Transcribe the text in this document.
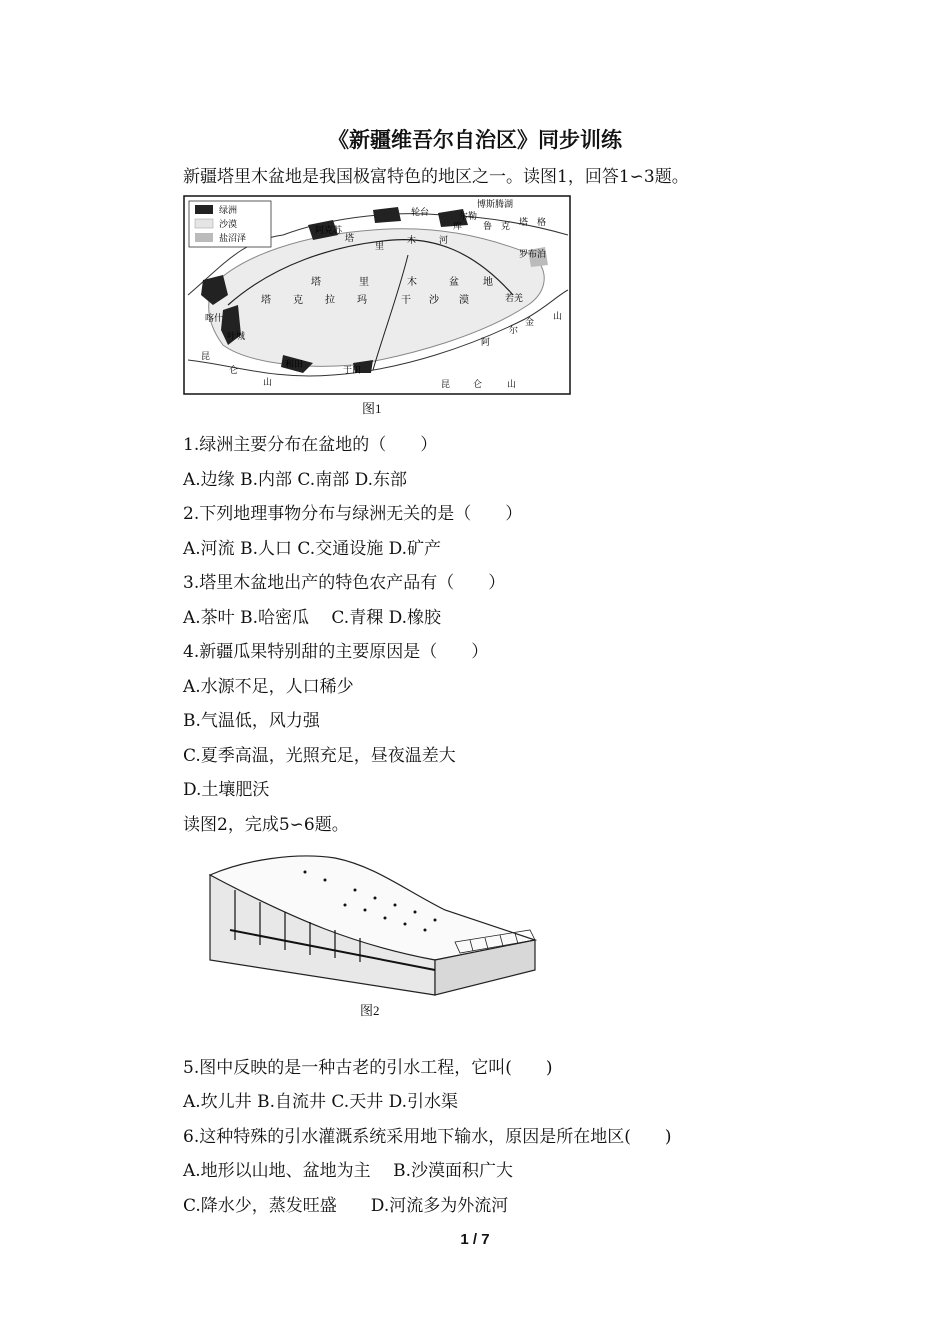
《新疆维吾尔自治区》同步训练
新疆塔里木盆地是我国极富特色的地区之一。读图1，回答1∽3题。
绿洲
沙漠
盐沼泽
轮台
博斯腾湖
阿克苏
尔勒
库 鲁 克 塔 格
罗布泊
塔
里
木	河
塔	里	木	盆 地
塔 克 拉 玛	干 沙 漠	若羌
尔
金
阿
山
喀什
叶城
和田
于田
昆
仑
山	昆	仑	山
图1
1.绿洲主要分布在盆地的（　　）
A.边缘 B.内部 C.南部 D.东部
2.下列地理事物分布与绿洲无关的是（　　）
A.河流 B.人口 C.交通设施 D.矿产
3.塔里木盆地出产的特色农产品有（　　）
A.茶叶 B.哈密瓜　 C.青稞 D.橡胶
4.新疆瓜果特别甜的主要原因是（　　）
A.水源不足，人口稀少
B.气温低，风力强
C.夏季高温，光照充足，昼夜温差大
D.土壤肥沃
读图2，完成5∽6题。
图2
5.图中反映的是一种古老的引水工程，它叫(　　)
A.坎儿井 B.自流井 C.天井 D.引水渠
6.这种特殊的引水灌溉系统采用地下输水，原因是所在地区(　　)
A.地形以山地、盆地为主　 B.沙漠面积广大
C.降水少，蒸发旺盛　　D.河流多为外流河
1 / 7
